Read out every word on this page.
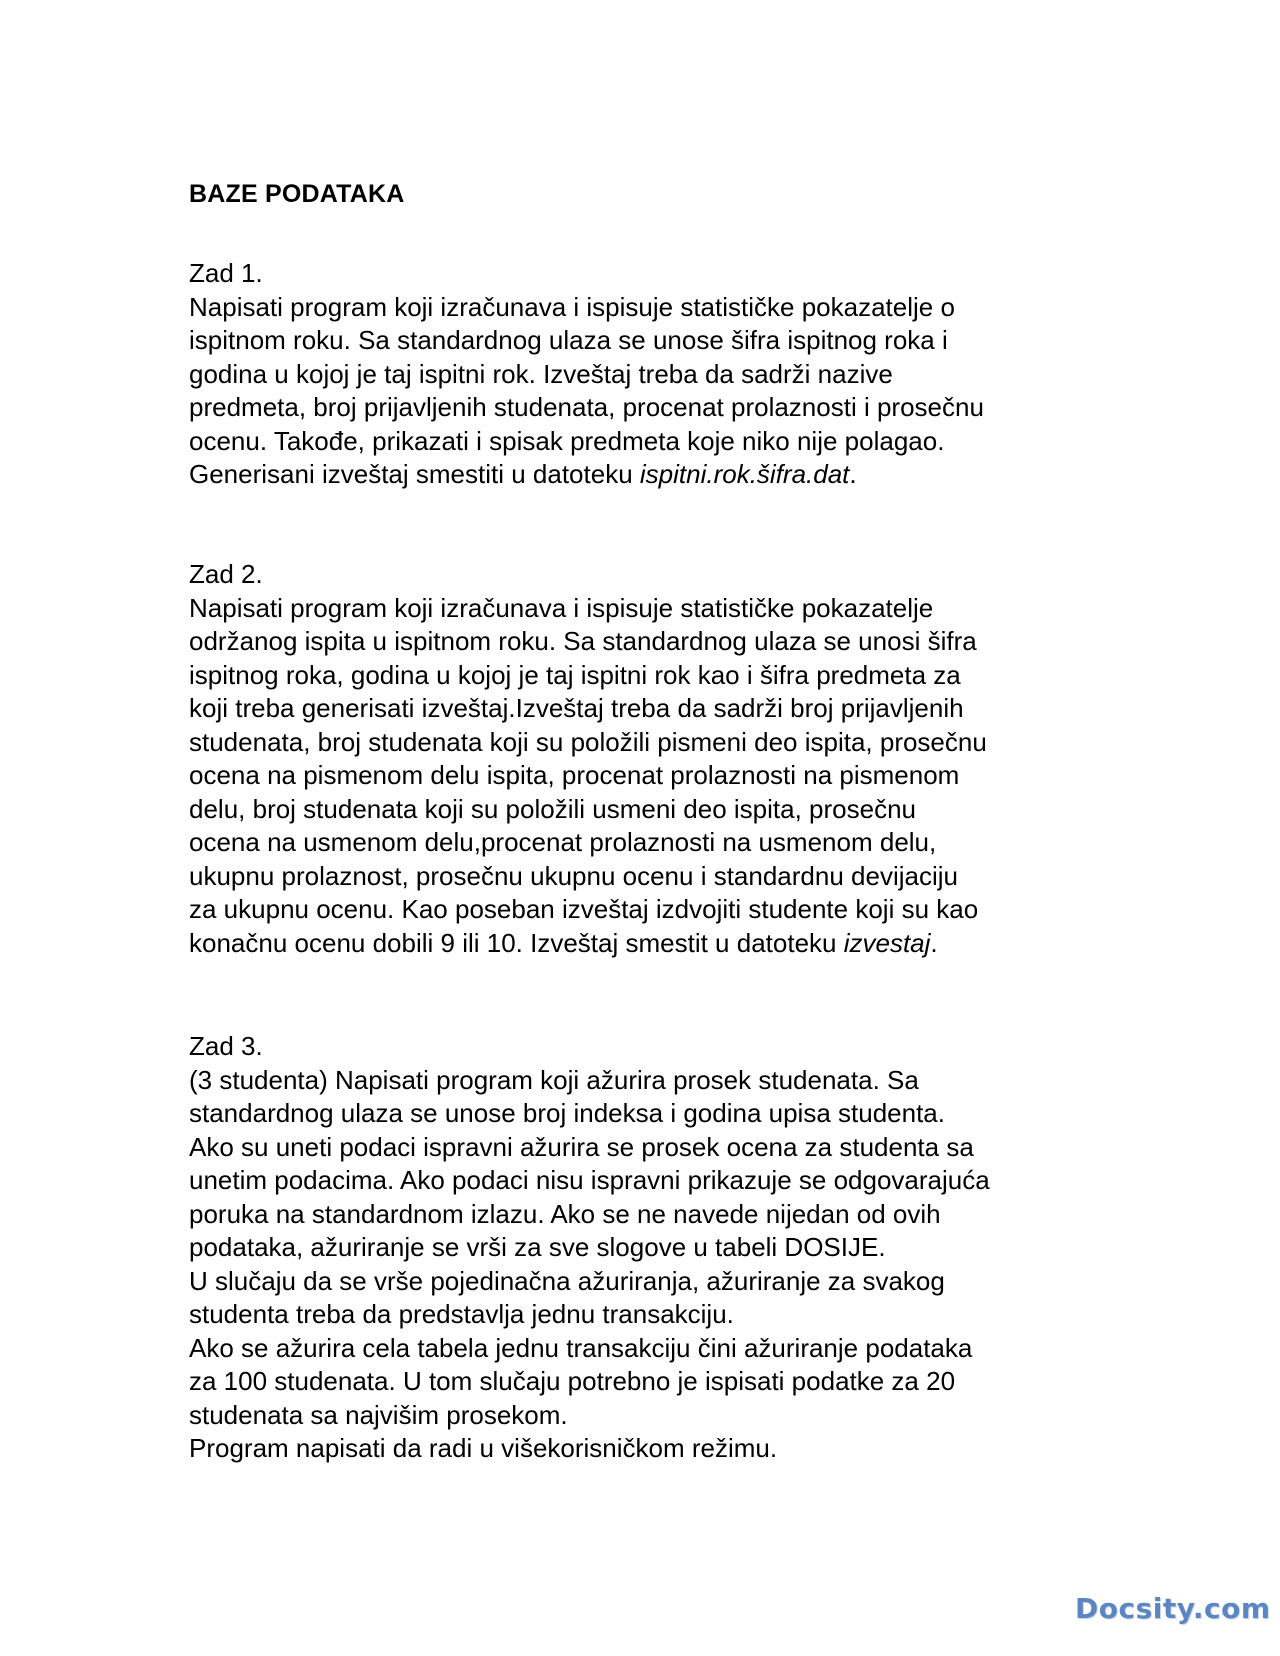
BAZE PODATAKA
Zad 1.
Napisati program koji izračunava i ispisuje statističke pokazatelje o
ispitnom roku. Sa standardnog ulaza se unose šifra ispitnog roka i
godina u kojoj je taj ispitni rok. Izveštaj treba da sadrži nazive
predmeta, broj prijavljenih studenata, procenat prolaznosti i prosečnu
ocenu. Takođe, prikazati i spisak predmeta koje niko nije polagao.
Generisani izveštaj smestiti u datoteku ispitni.rok.šifra.dat.
Zad 2.
Napisati program koji izračunava i ispisuje statističke pokazatelje
održanog ispita u ispitnom roku. Sa standardnog ulaza se unosi šifra
ispitnog roka, godina u kojoj je taj ispitni rok kao i šifra predmeta za
koji treba generisati izveštaj.Izveštaj treba da sadrži broj prijavljenih
studenata, broj studenata koji su položili pismeni deo ispita, prosečnu
ocena na pismenom delu ispita, procenat prolaznosti na pismenom
delu, broj studenata koji su položili usmeni deo ispita, prosečnu
ocena na usmenom delu,procenat prolaznosti na usmenom delu,
ukupnu prolaznost, prosečnu ukupnu ocenu i standardnu devijaciju
za ukupnu ocenu. Kao poseban izveštaj izdvojiti studente koji su kao
konačnu ocenu dobili 9 ili 10. Izveštaj smestit u datoteku izvestaj.
Zad 3.
(3 studenta) Napisati program koji ažurira prosek studenata. Sa
standardnog ulaza se unose broj indeksa i godina upisa studenta.
Ako su uneti podaci ispravni ažurira se prosek ocena za studenta sa
unetim podacima. Ako podaci nisu ispravni prikazuje se odgovarajuća
poruka na standardnom izlazu. Ako se ne navede nijedan od ovih
podataka, ažuriranje se vrši za sve slogove u tabeli DOSIJE.
U slučaju da se vrše pojedinačna ažuriranja, ažuriranje za svakog
studenta treba da predstavlja jednu transakciju.
Ako se ažurira cela tabela jednu transakciju čini ažuriranje podataka
za 100 studenata. U tom slučaju potrebno je ispisati podatke za 20
studenata sa najvišim prosekom.
Program napisati da radi u višekorisničkom režimu.
Docsity.com
